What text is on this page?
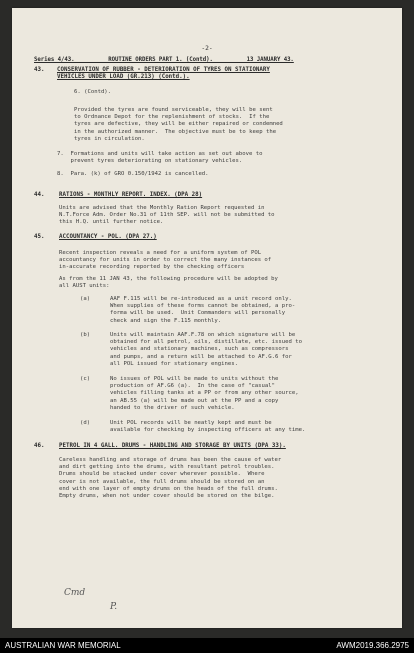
-2-
Series 4/43.          ROUTINE ORDERS PART 1. (Contd).          13 JANUARY 43.
43. CONSERVATION OF RUBBER - DETERIORATION OF TYRES ON STATIONARY
VEHICLES UNDER LOAD (GR.213) (Contd.).
6. (Contd).
Provided the tyres are found serviceable, they will be sent
to Ordnance Depot for the replenishment of stocks.  If the
tyres are defective, they will be either repaired or condemned
in the authorized manner.  The objective must be to keep the
tyres in circulation.
7.  Formations and units will take action as set out above to
prevent tyres deteriorating on stationary vehicles.
8.  Para. (k) of GRO 0.150/1942 is cancelled.
44.	RATIONS - MONTHLY REPORT. INDEX. (DPA 28)
Units are advised that the Monthly Ration Report requested in
N.T.Force Adm. Order No.31 of 11th SEP. will not be submitted to
this H.Q. until further notice.
45.	ACCOUNTANCY - POL. (DPA 27.)
Recent inspection reveals a need for a uniform system of POL
accountancy for units in order to correct the many instances of
in-accurate recording reported by the checking officers
As from the 11 JAN 43, the following procedure will be adopted by
all AUST units:
(a)	AAF F.115 will be re-introduced as a unit record only.
When supplies of these forms cannot be obtained, a pro-
forma will be used.  Unit Commanders will personally
check and sign the F.115 monthly.
(b)	Units will maintain AAF.F.78 on which signature will be
obtained for all petrol, oils, distillate, etc. issued to
vehicles and stationary machines, such as compressors
and pumps, and a return will be attached to AF.G.6 for
all POL issued for stationary engines.
(c)	No issues of POL will be made to units without the
production of AF.G6 (a).  In the case of "casual"
vehicles filling tanks at a PP or from any other source,
an AB.55 (a) will be made out at the PP and a copy
handed to the driver of such vehicle.
(d)	Unit POL records will be neatly kept and must be
available for checking by inspecting officers at any time.
46.	PETROL IN 4 GALL. DRUMS - HANDLING AND STORAGE BY UNITS (DPA 33).
Careless handling and storage of drums has been the cause of water
and dirt getting into the drums, with resultant petrol troubles.
Drums should be stacked under cover wherever possible.  Where
cover is not available, the full drums should be stored on an
end with one layer of empty drums on the heads of the full drums.
Empty drums, when not under cover should be stored on the bilge.
Cmd
P.
AUSTRALIAN WAR MEMORIAL	AWM2019.366.2975
